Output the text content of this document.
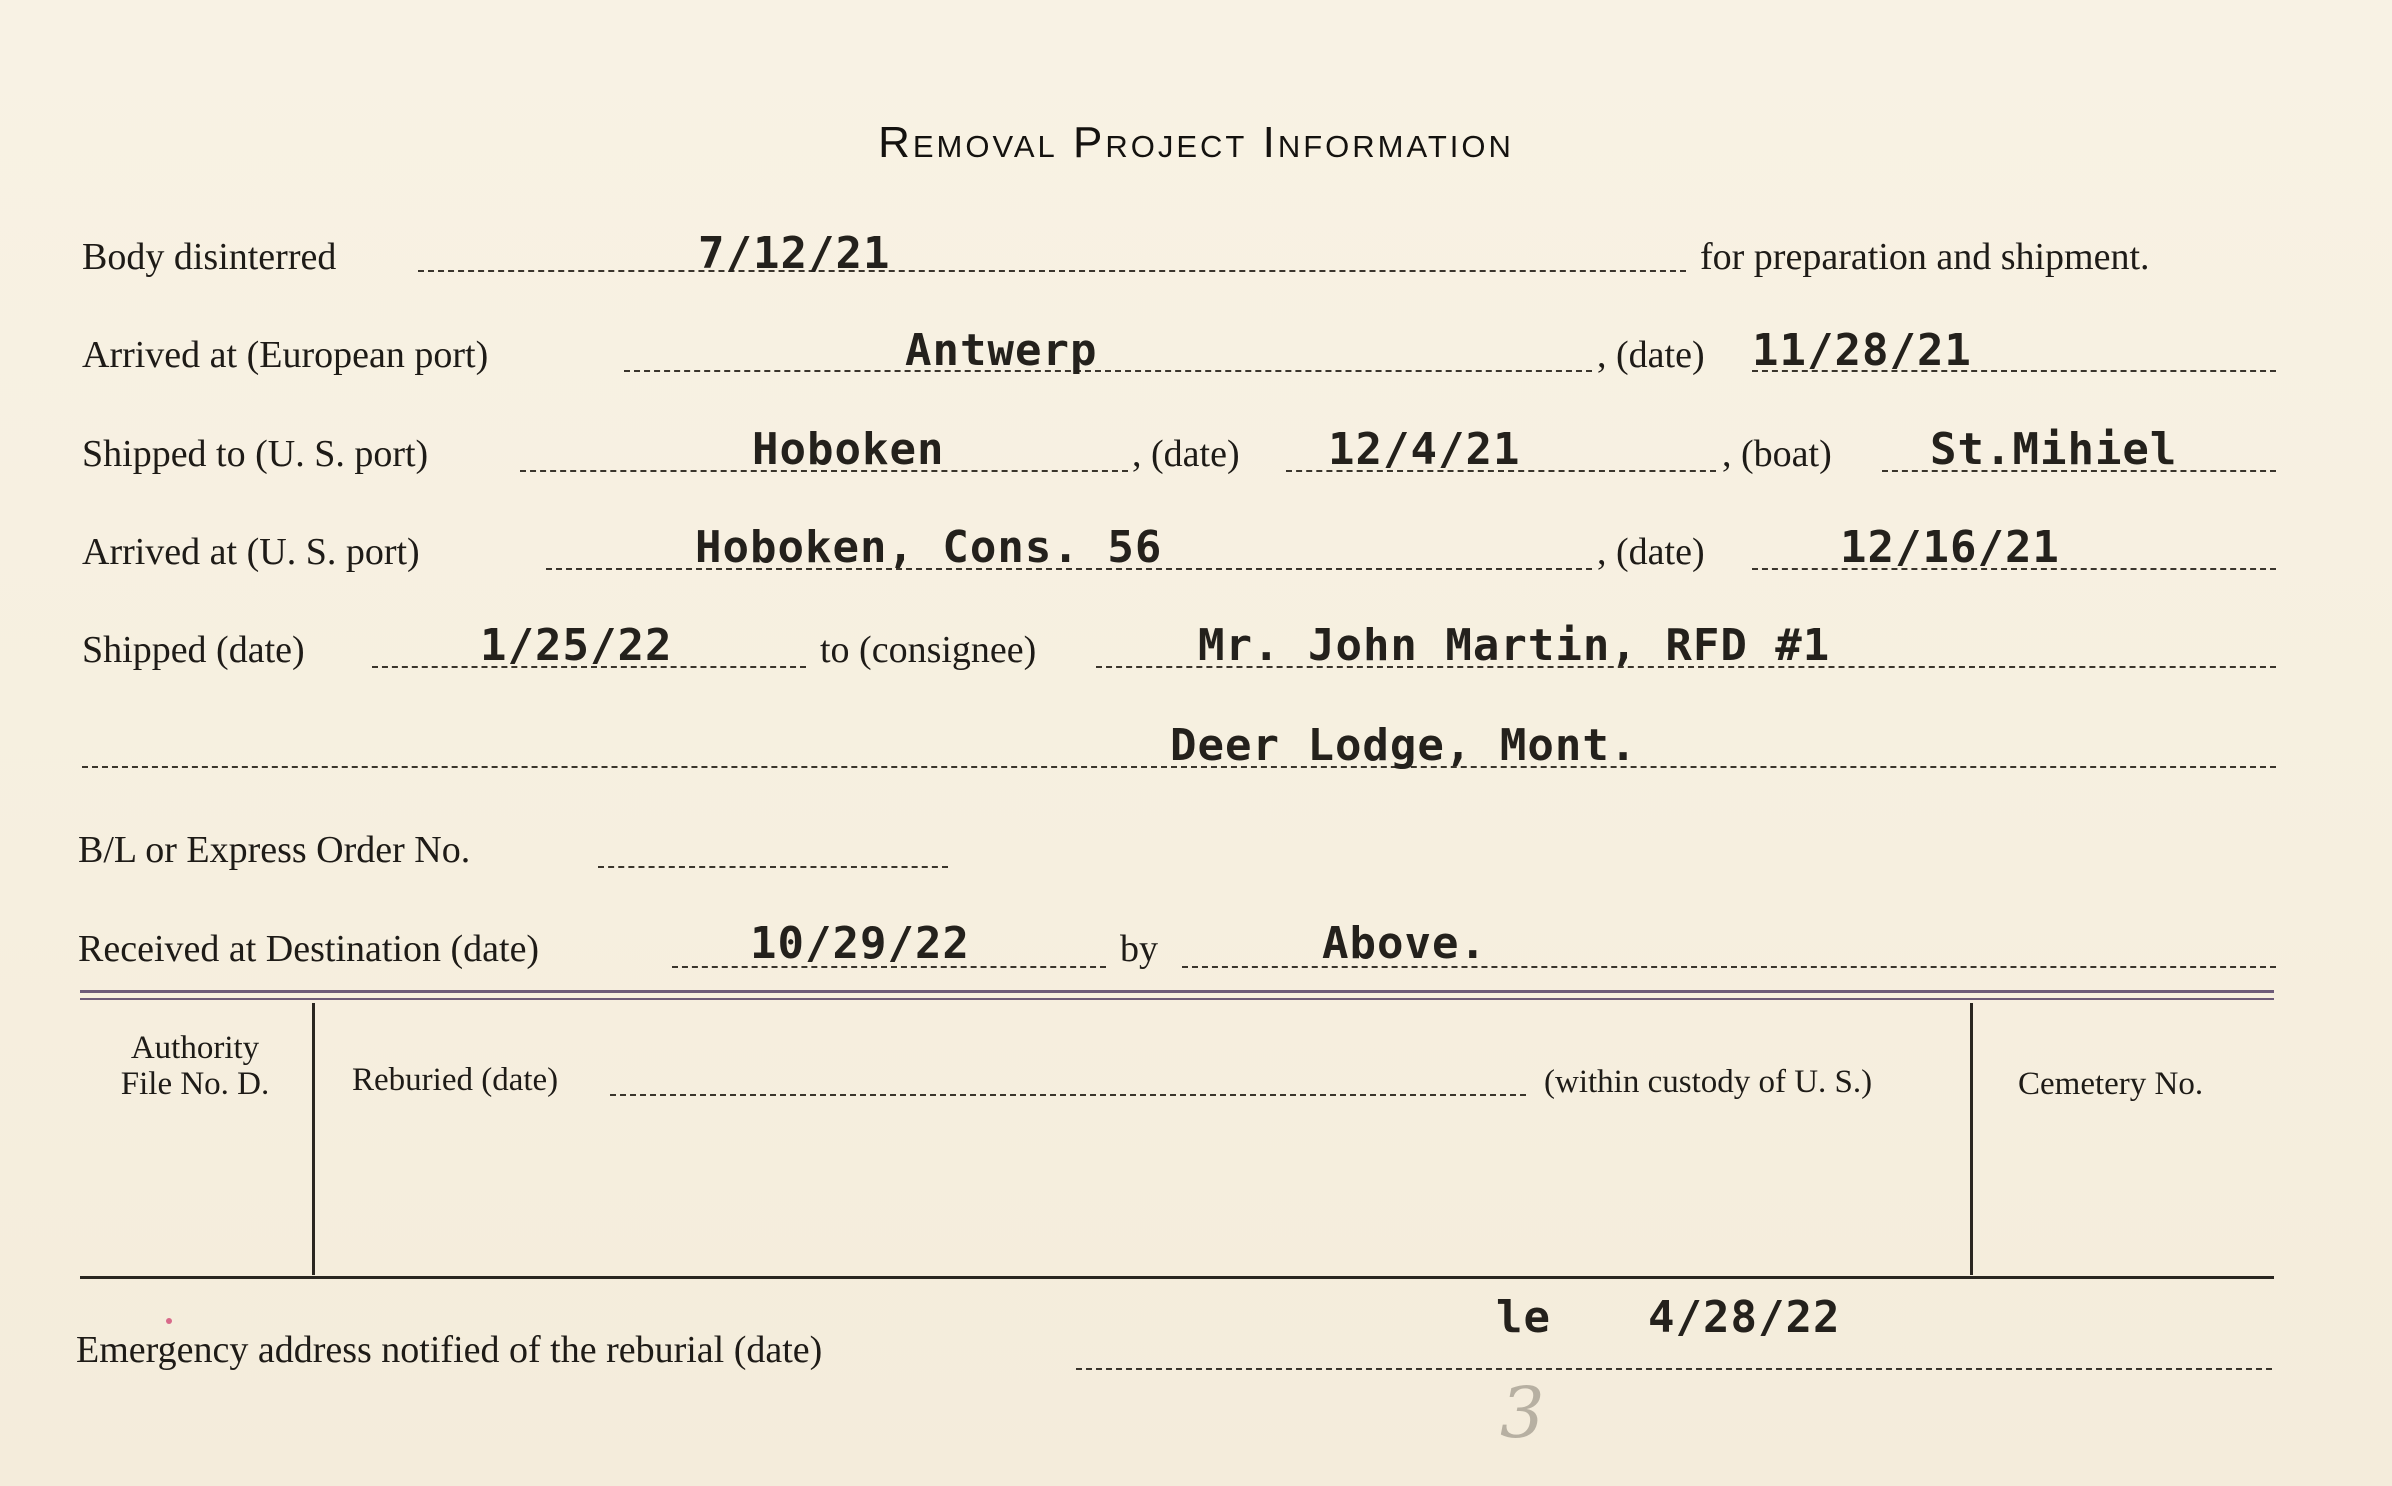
Removal Project Information
Body disinterred	7/12/21	for preparation and shipment.
Arrived at (European port)	Antwerp	, (date) 11/28/21
Shipped to (U. S. port)	Hoboken	, (date) 12/4/21	, (boat) St.Mihiel
Arrived at (U. S. port)	Hoboken, Cons. 56	, (date)	12/16/21
Shipped (date)	1/25/22	to (consignee)	Mr. John Martin, RFD #1
Deer Lodge, Mont.
B/L or Express Order No.
Received at Destination (date)	10/29/22	by	Above.
Authority
File No. D.	Reburied (date)	(within custody of U. S.)	Cemetery No.
Emergency address notified of the reburial (date)
le 4/28/22
3
